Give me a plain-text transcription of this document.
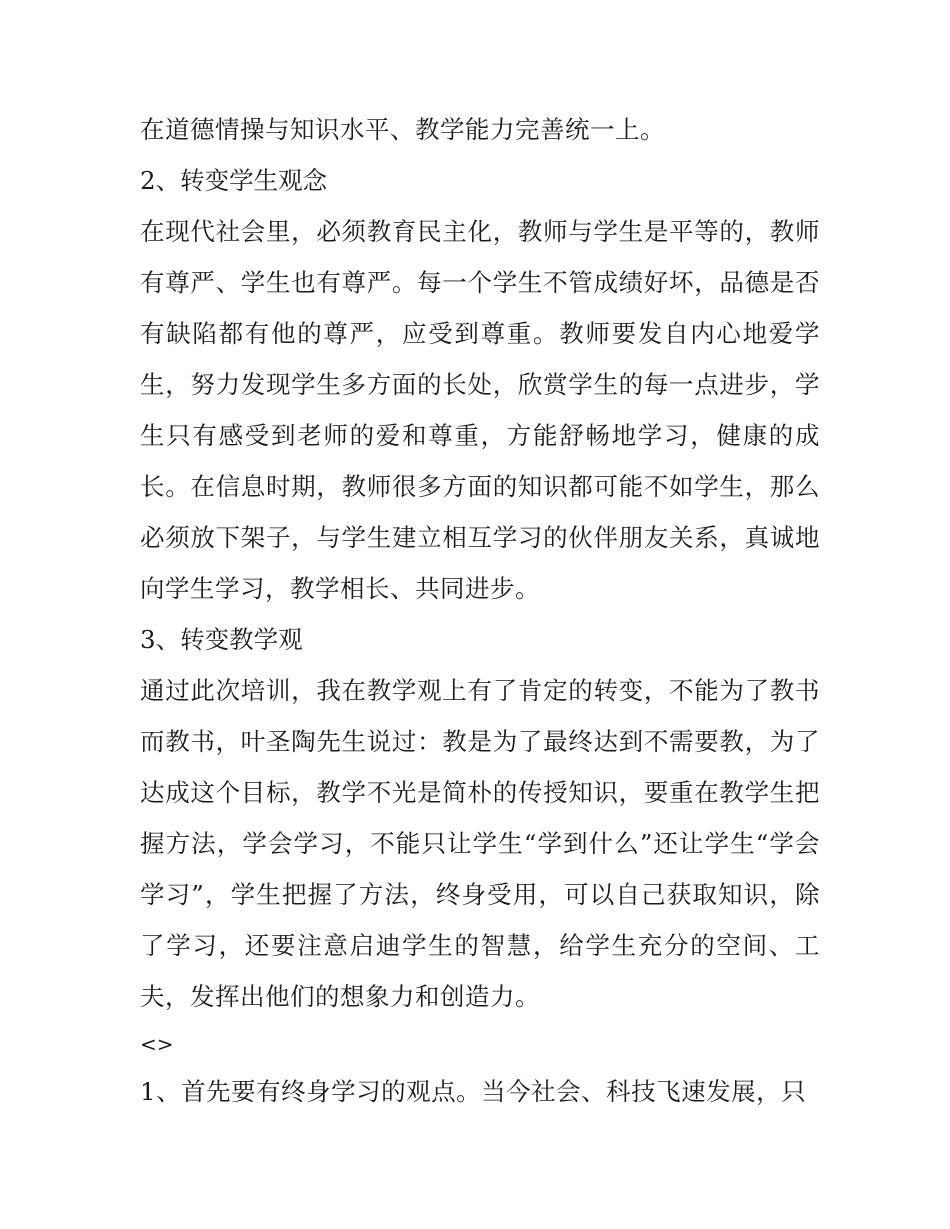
在道德情操与知识水平、教学能力完善统一上。

2、转变学生观念

在现代社会里，必须教育民主化，教师与学生是平等的，教师有尊严、学生也有尊严。每一个学生不管成绩好坏，品德是否有缺陷都有他的尊严，应受到尊重。教师要发自内心地爱学生，努力发现学生多方面的长处，欣赏学生的每一点进步，学生只有感受到老师的爱和尊重，方能舒畅地学习，健康的成长。在信息时期，教师很多方面的知识都可能不如学生，那么必须放下架子，与学生建立相互学习的伙伴朋友关系，真诚地向学生学习，教学相长、共同进步。

3、转变教学观

通过此次培训，我在教学观上有了肯定的转变，不能为了教书而教书，叶圣陶先生说过：教是为了最终达到不需要教，为了达成这个目标，教学不光是简朴的传授知识，要重在教学生把握方法，学会学习，不能只让学生“学到什么”还让学生“学会学习”，学生把握了方法，终身受用，可以自己获取知识，除了学习，还要注意启迪学生的智慧，给学生充分的空间、工夫，发挥出他们的想象力和创造力。

<>

1、首先要有终身学习的观点。当今社会、科技飞速发展，只
